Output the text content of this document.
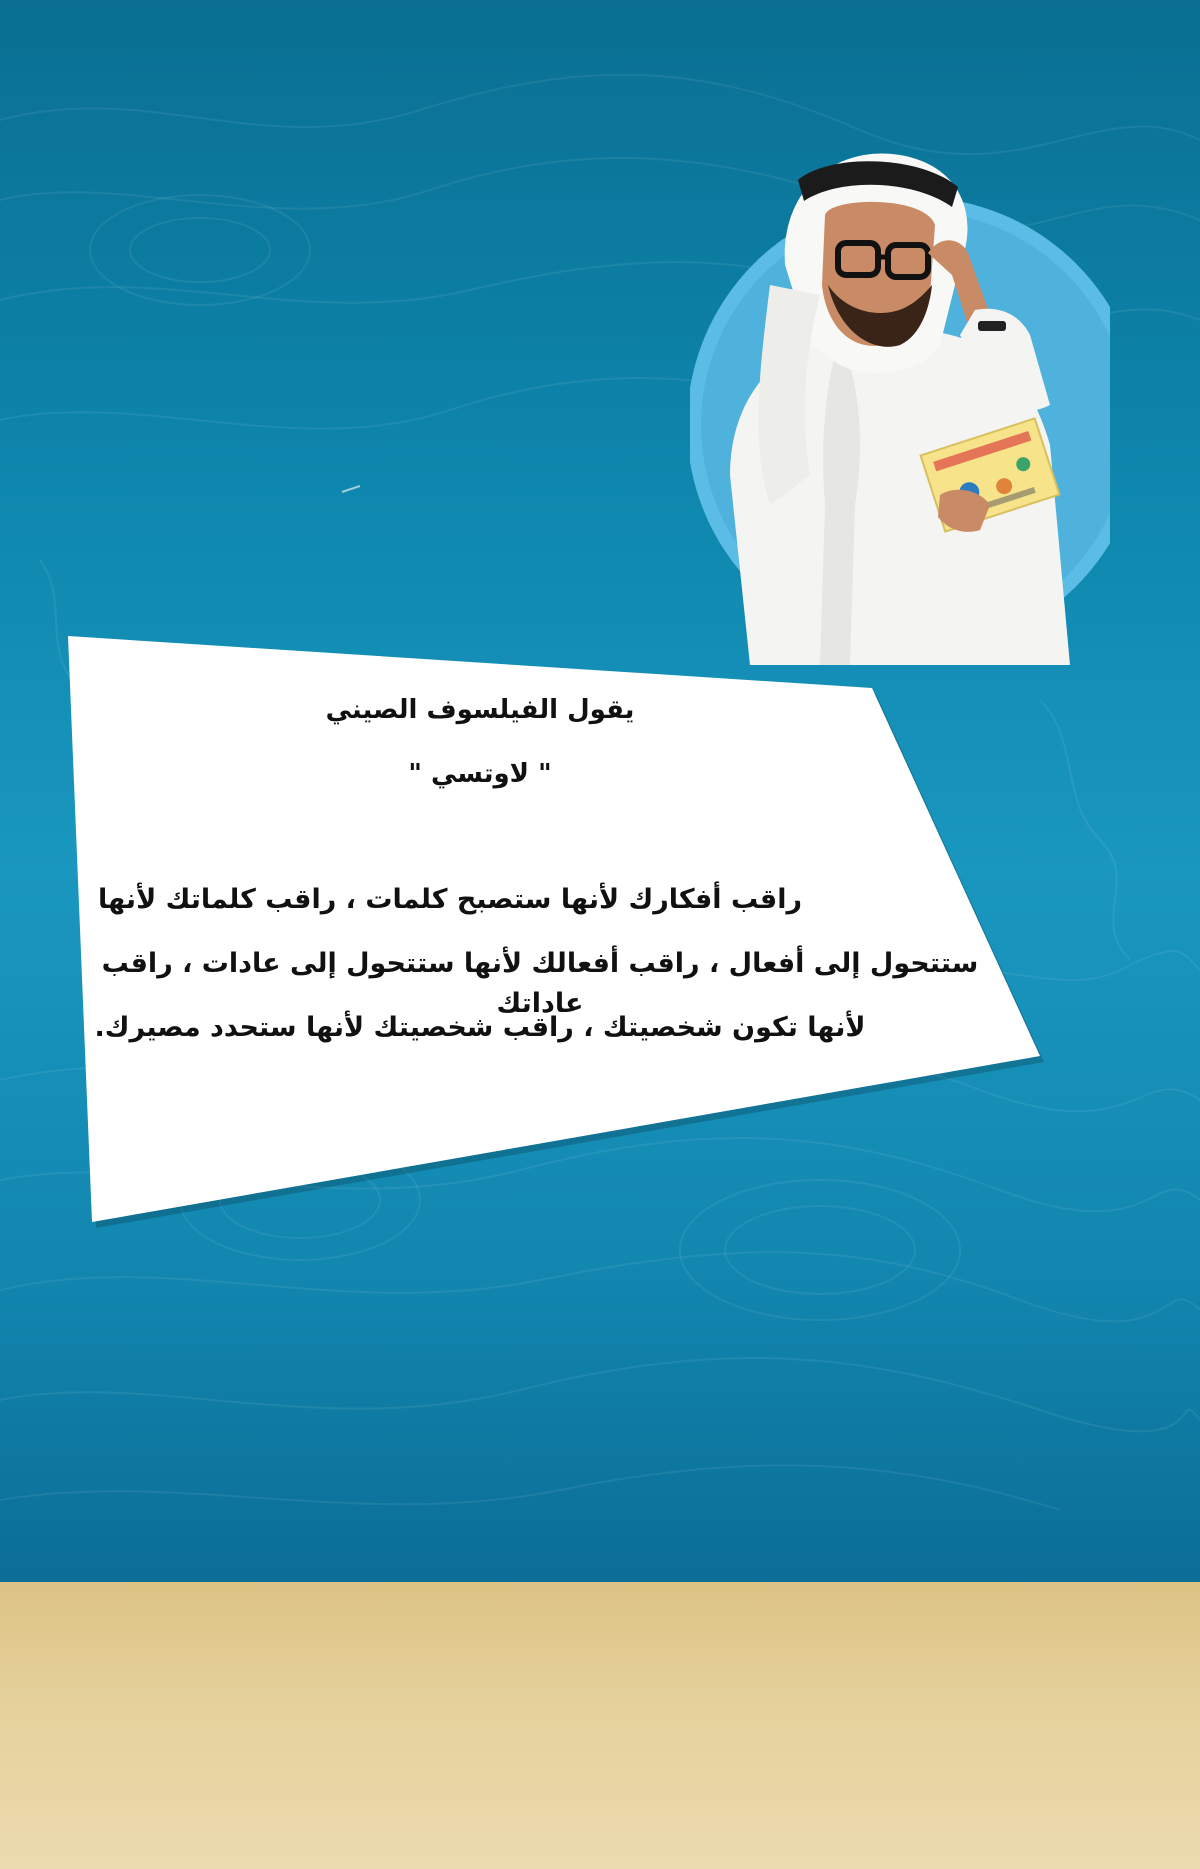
يقول الفيلسوف الصيني

" لاوتسي "

راقب أفكارك لأنها ستصبح كلمات ، راقب كلماتك لأنها

ستتحول إلى أفعال ، راقب أفعالك لأنها ستتحول إلى عادات ، راقب عاداتك

لأنها تكون شخصيتك ، راقب شخصيتك لأنها ستحدد مصيرك.
